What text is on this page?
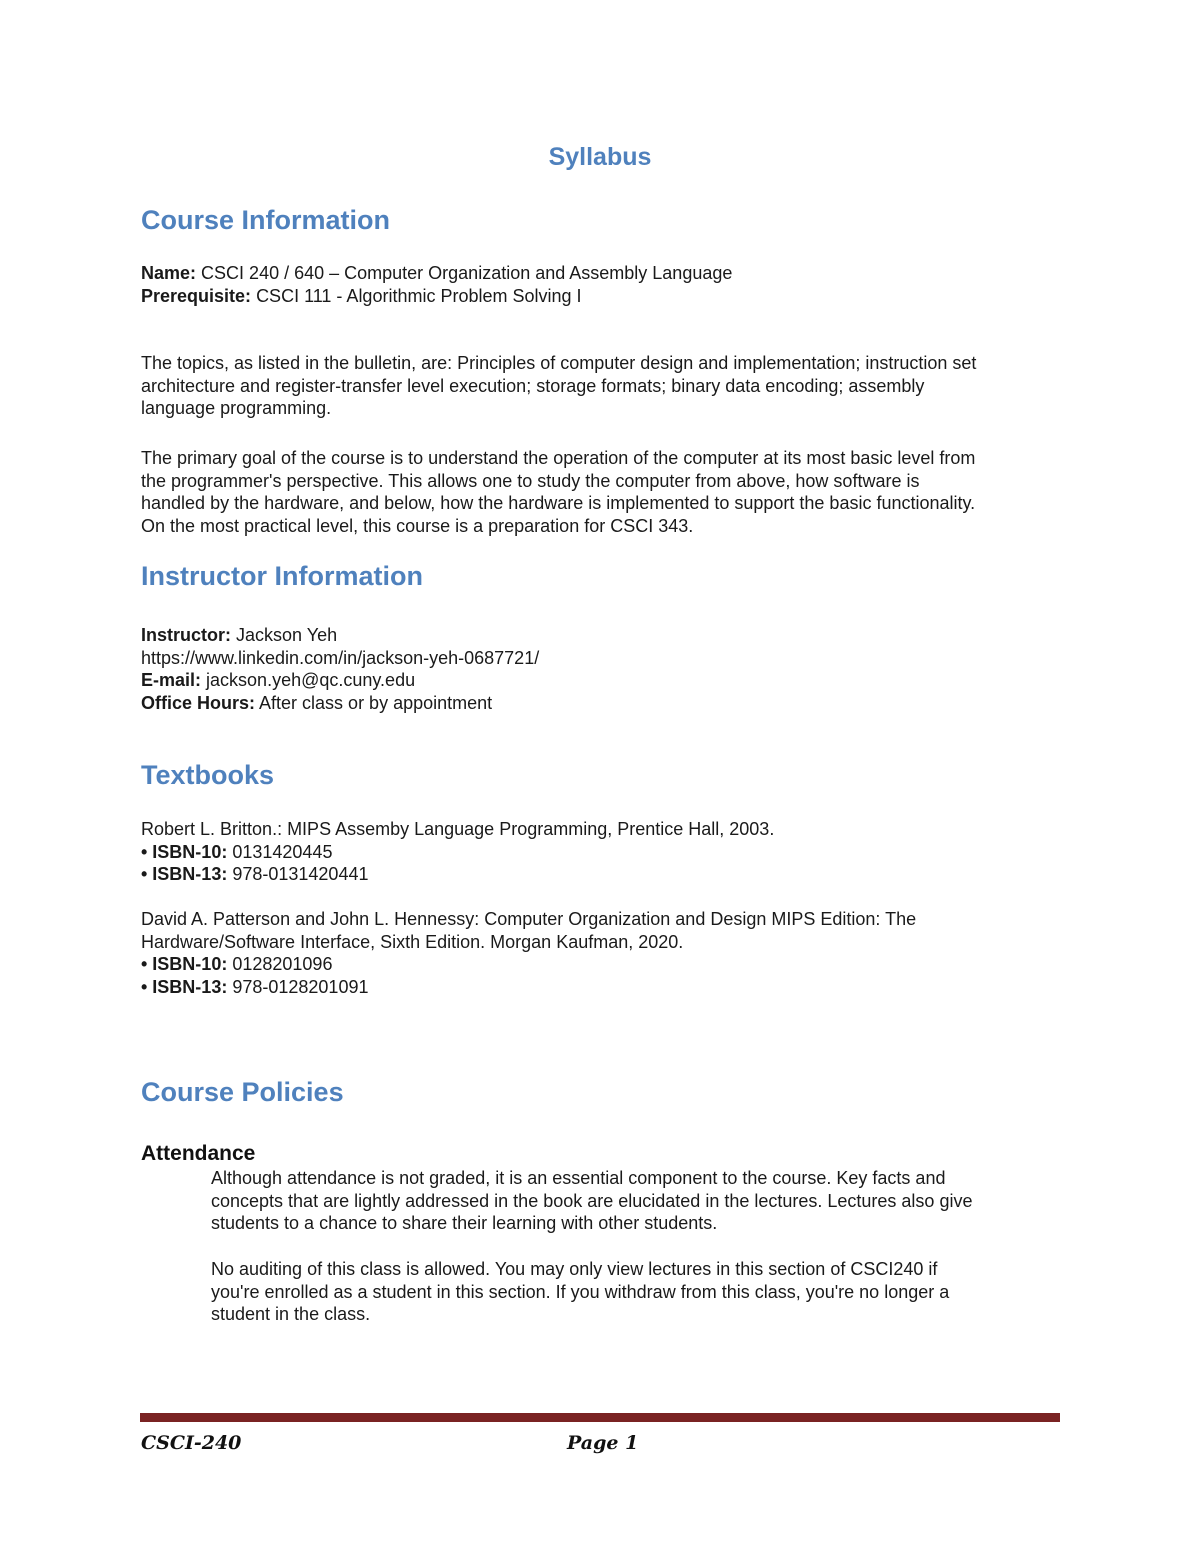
Syllabus
Course Information
Name: CSCI 240 / 640 – Computer Organization and Assembly Language
Prerequisite: CSCI 111 - Algorithmic Problem Solving I
The topics, as listed in the bulletin, are: Principles of computer design and implementation; instruction set
architecture and register-transfer level execution; storage formats; binary data encoding; assembly
language programming.
The primary goal of the course is to understand the operation of the computer at its most basic level from
the programmer's perspective. This allows one to study the computer from above, how software is
handled by the hardware, and below, how the hardware is implemented to support the basic functionality.
On the most practical level, this course is a preparation for CSCI 343.
Instructor Information
Instructor: Jackson Yeh
https://www.linkedin.com/in/jackson-yeh-0687721/
E-mail: jackson.yeh@qc.cuny.edu
Office Hours: After class or by appointment
Textbooks
Robert L. Britton.: MIPS Assemby Language Programming, Prentice Hall, 2003.
• ISBN-10: 0131420445
• ISBN-13: 978-0131420441
David A. Patterson and John L. Hennessy: Computer Organization and Design MIPS Edition: The
Hardware/Software Interface, Sixth Edition. Morgan Kaufman, 2020.
• ISBN-10: 0128201096
• ISBN-13: 978-0128201091
Course Policies
Attendance
Although attendance is not graded, it is an essential component to the course. Key facts and
concepts that are lightly addressed in the book are elucidated in the lectures. Lectures also give
students to a chance to share their learning with other students.
No auditing of this class is allowed. You may only view lectures in this section of CSCI240 if
you're enrolled as a student in this section. If you withdraw from this class, you're no longer a
student in the class.
CSCI-240	Page 1
